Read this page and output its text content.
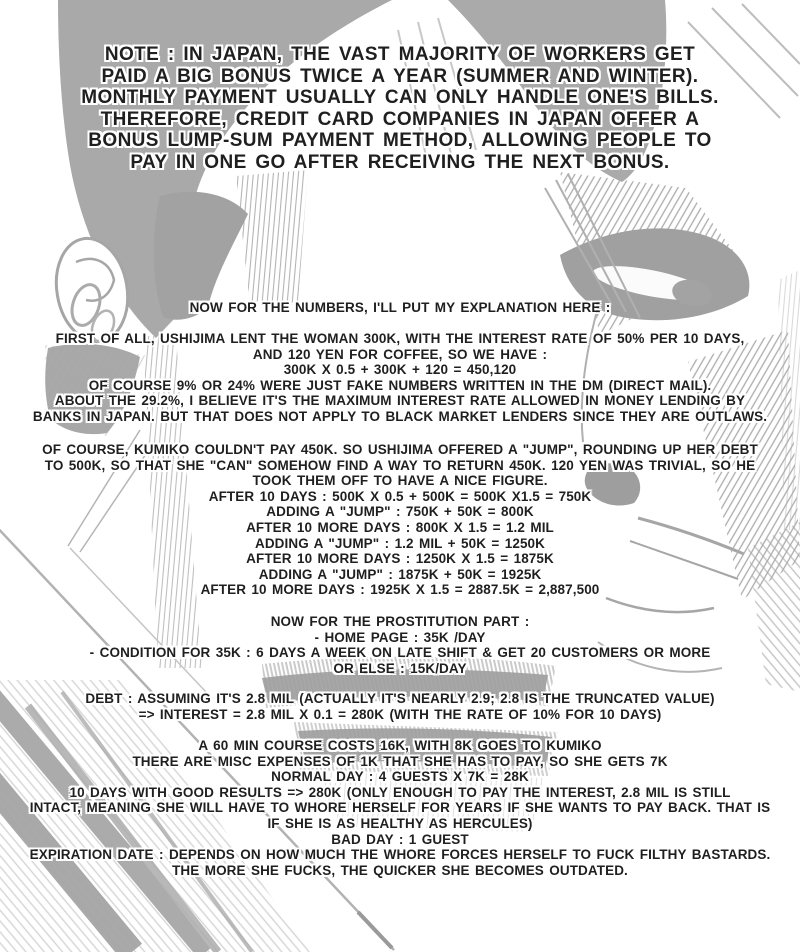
NOTE : IN JAPAN, THE VAST MAJORITY OF WORKERS GET
PAID A BIG BONUS TWICE A YEAR (SUMMER AND WINTER).
MONTHLY PAYMENT USUALLY CAN ONLY HANDLE ONE'S BILLS.
THEREFORE, CREDIT CARD COMPANIES IN JAPAN OFFER A
BONUS LUMP-SUM PAYMENT METHOD, ALLOWING PEOPLE TO
PAY IN ONE GO AFTER RECEIVING THE NEXT BONUS.
NOW FOR THE NUMBERS, I'LL PUT MY EXPLANATION HERE :
FIRST OF ALL, USHIJIMA LENT THE WOMAN 300K, WITH THE INTEREST RATE OF 50% PER 10 DAYS,
AND 120 YEN FOR COFFEE, SO WE HAVE :
300K X 0.5 + 300K + 120 = 450,120
OF COURSE 9% OR 24% WERE JUST FAKE NUMBERS WRITTEN IN THE DM (DIRECT MAIL).
ABOUT THE 29.2%, I BELIEVE IT'S THE MAXIMUM INTEREST RATE ALLOWED IN MONEY LENDING BY
BANKS IN JAPAN. BUT THAT DOES NOT APPLY TO BLACK MARKET LENDERS SINCE THEY ARE OUTLAWS.
OF COURSE, KUMIKO COULDN'T PAY 450K. SO USHIJIMA OFFERED A "JUMP", ROUNDING UP HER DEBT
TO 500K, SO THAT SHE "CAN" SOMEHOW FIND A WAY TO RETURN 450K. 120 YEN WAS TRIVIAL, SO HE
TOOK THEM OFF TO HAVE A NICE FIGURE.
AFTER 10 DAYS : 500K X 0.5 + 500K = 500K X1.5 = 750K
ADDING A "JUMP" : 750K + 50K = 800K
AFTER 10 MORE DAYS : 800K X 1.5 = 1.2 MIL
ADDING A "JUMP" : 1.2 MIL + 50K = 1250K
AFTER 10 MORE DAYS : 1250K X 1.5 = 1875K
ADDING A "JUMP" : 1875K + 50K = 1925K
AFTER 10 MORE DAYS : 1925K X 1.5 = 2887.5K = 2,887,500
NOW FOR THE PROSTITUTION PART :
- HOME PAGE : 35K /DAY
- CONDITION FOR 35K : 6 DAYS A WEEK ON LATE SHIFT & GET 20 CUSTOMERS OR MORE
OR ELSE : 15K/DAY
DEBT : ASSUMING IT'S 2.8 MIL (ACTUALLY IT'S NEARLY 2.9; 2.8 IS THE TRUNCATED VALUE)
=> INTEREST = 2.8 MIL X 0.1 = 280K (WITH THE RATE OF 10% FOR 10 DAYS)
A 60 MIN COURSE COSTS 16K, WITH 8K GOES TO KUMIKO
THERE ARE MISC EXPENSES OF 1K THAT SHE HAS TO PAY, SO SHE GETS 7K
NORMAL DAY : 4 GUESTS X 7K = 28K
10 DAYS WITH GOOD RESULTS => 280K (ONLY ENOUGH TO PAY THE INTEREST, 2.8 MIL IS STILL
INTACT, MEANING SHE WILL HAVE TO WHORE HERSELF FOR YEARS IF SHE WANTS TO PAY BACK. THAT IS
IF SHE IS AS HEALTHY AS HERCULES)
BAD DAY : 1 GUEST
EXPIRATION DATE : DEPENDS ON HOW MUCH THE WHORE FORCES HERSELF TO FUCK FILTHY BASTARDS.
THE MORE SHE FUCKS, THE QUICKER SHE BECOMES OUTDATED.
